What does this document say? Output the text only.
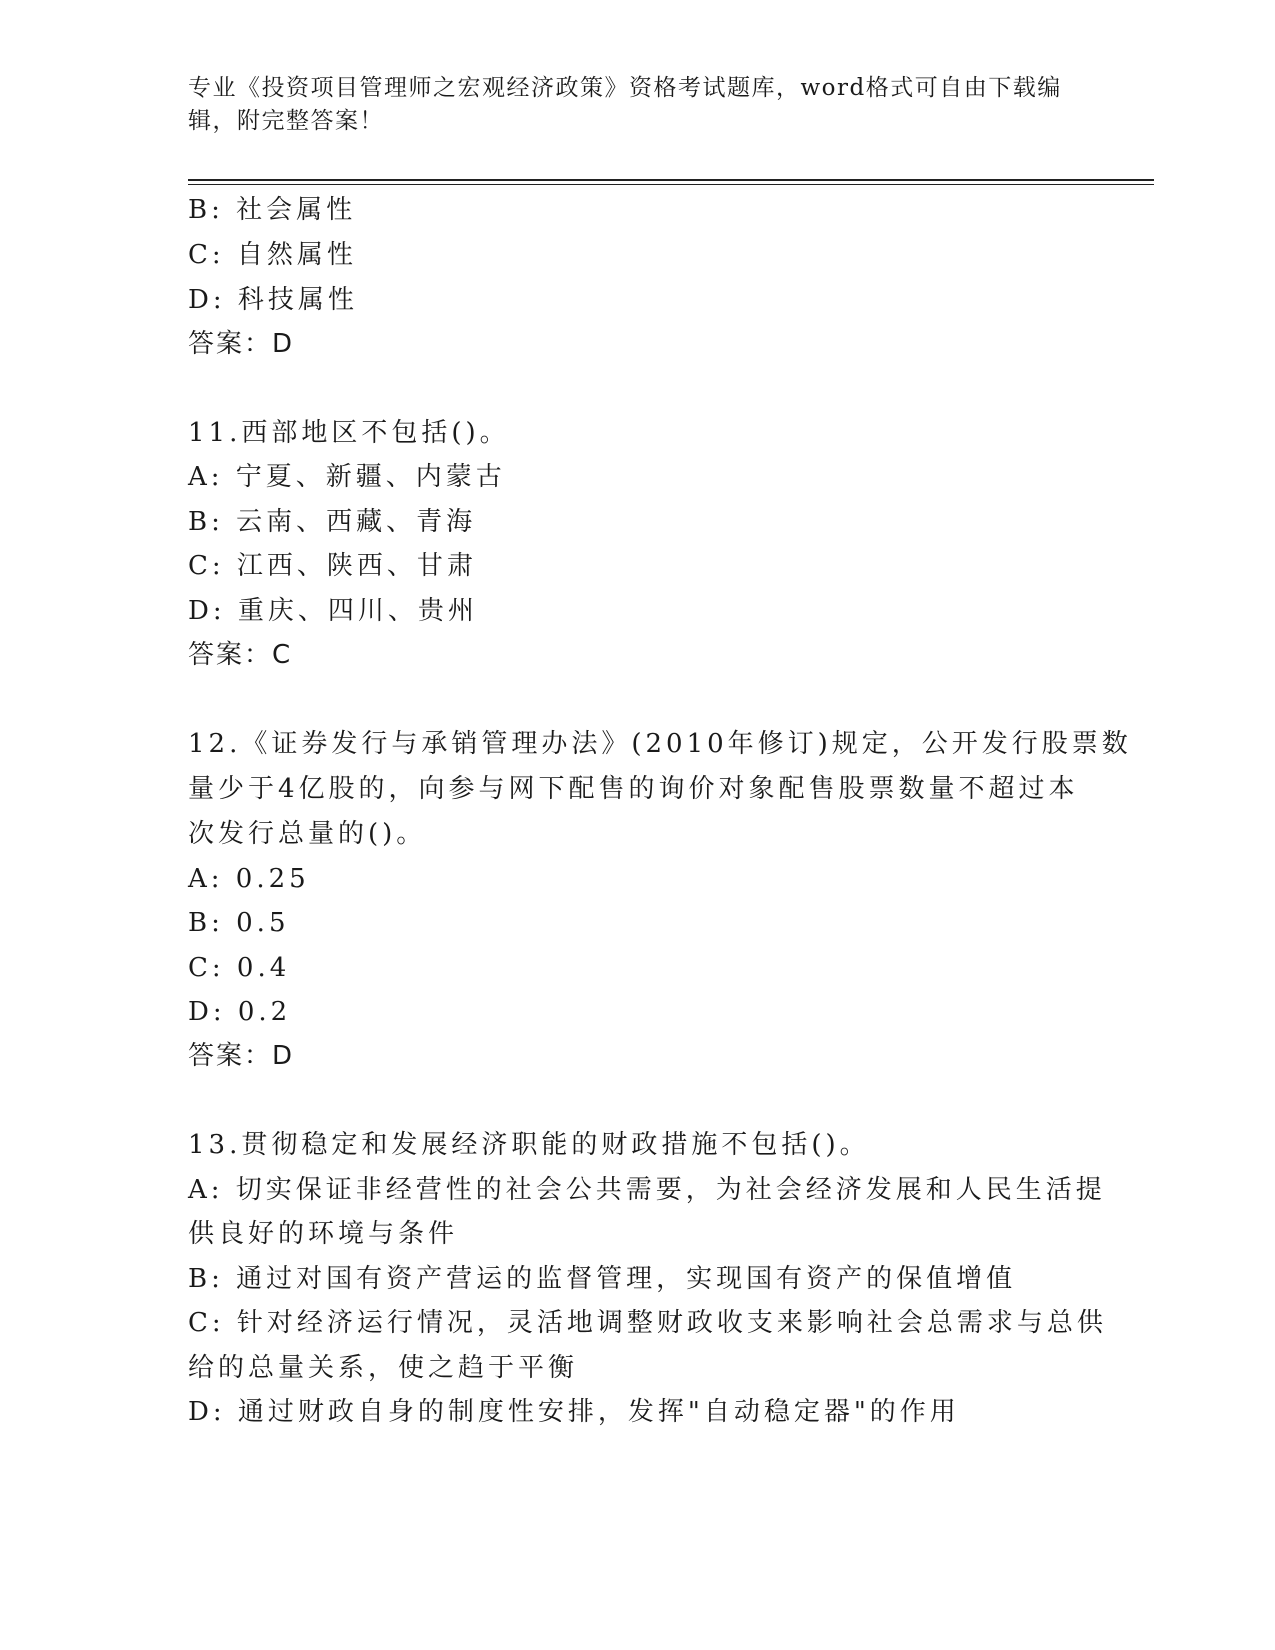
专业《投资项目管理师之宏观经济政策》资格考试题库，word格式可自由下载编辑，附完整答案！
B: 社会属性
C: 自然属性
D: 科技属性
答案：D
11.西部地区不包括()。
A: 宁夏、新疆、内蒙古
B: 云南、西藏、青海
C: 江西、陕西、甘肃
D: 重庆、四川、贵州
答案：C
12.《证券发行与承销管理办法》(2010年修订)规定，公开发行股票数
量少于4亿股的，向参与网下配售的询价对象配售股票数量不超过本
次发行总量的()。
A: 0.25
B: 0.5
C: 0.4
D: 0.2
答案：D
13.贯彻稳定和发展经济职能的财政措施不包括()。
A: 切实保证非经营性的社会公共需要，为社会经济发展和人民生活提
供良好的环境与条件
B: 通过对国有资产营运的监督管理，实现国有资产的保值增值
C: 针对经济运行情况，灵活地调整财政收支来影响社会总需求与总供
给的总量关系，使之趋于平衡
D: 通过财政自身的制度性安排，发挥"自动稳定器"的作用
